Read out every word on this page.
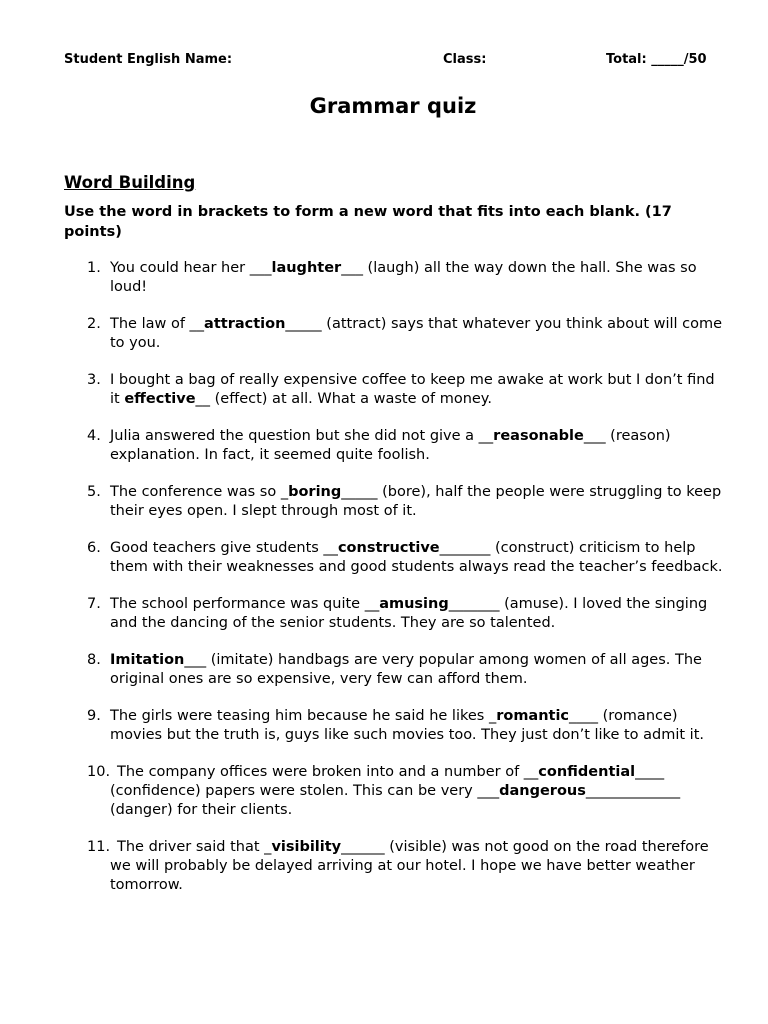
Student English Name:	Class:	Total: _____/50
Grammar quiz
Word Building
Use the word in brackets to form a new word that fits into each blank. (17 points)
1. You could hear her ___laughter___ (laugh) all the way down the hall. She was so loud!
2. The law of __attraction_____ (attract) says that whatever you think about will come to you.
3. I bought a bag of really expensive coffee to keep me awake at work but I don’t find it effective__ (effect) at all. What a waste of money.
4. Julia answered the question but she did not give a __reasonable___ (reason) explanation. In fact, it seemed quite foolish.
5. The conference was so _boring_____ (bore), half the people were struggling to keep their eyes open. I slept through most of it.
6. Good teachers give students __constructive_______ (construct) criticism to help them with their weaknesses and good students always read the teacher’s feedback.
7. The school performance was quite __amusing_______ (amuse). I loved the singing and the dancing of the senior students. They are so talented.
8. Imitation___ (imitate) handbags are very popular among women of all ages. The original ones are so expensive, very few can afford them.
9. The girls were teasing him because he said he likes _romantic____ (romance) movies but the truth is, guys like such movies too. They just don’t like to admit it.
10. The company offices were broken into and a number of __confidential____ (confidence) papers were stolen. This can be very ___dangerous_____________ (danger) for their clients.
11. The driver said that _visibility______ (visible) was not good on the road therefore we will probably be delayed arriving at our hotel. I hope we have better weather tomorrow.
